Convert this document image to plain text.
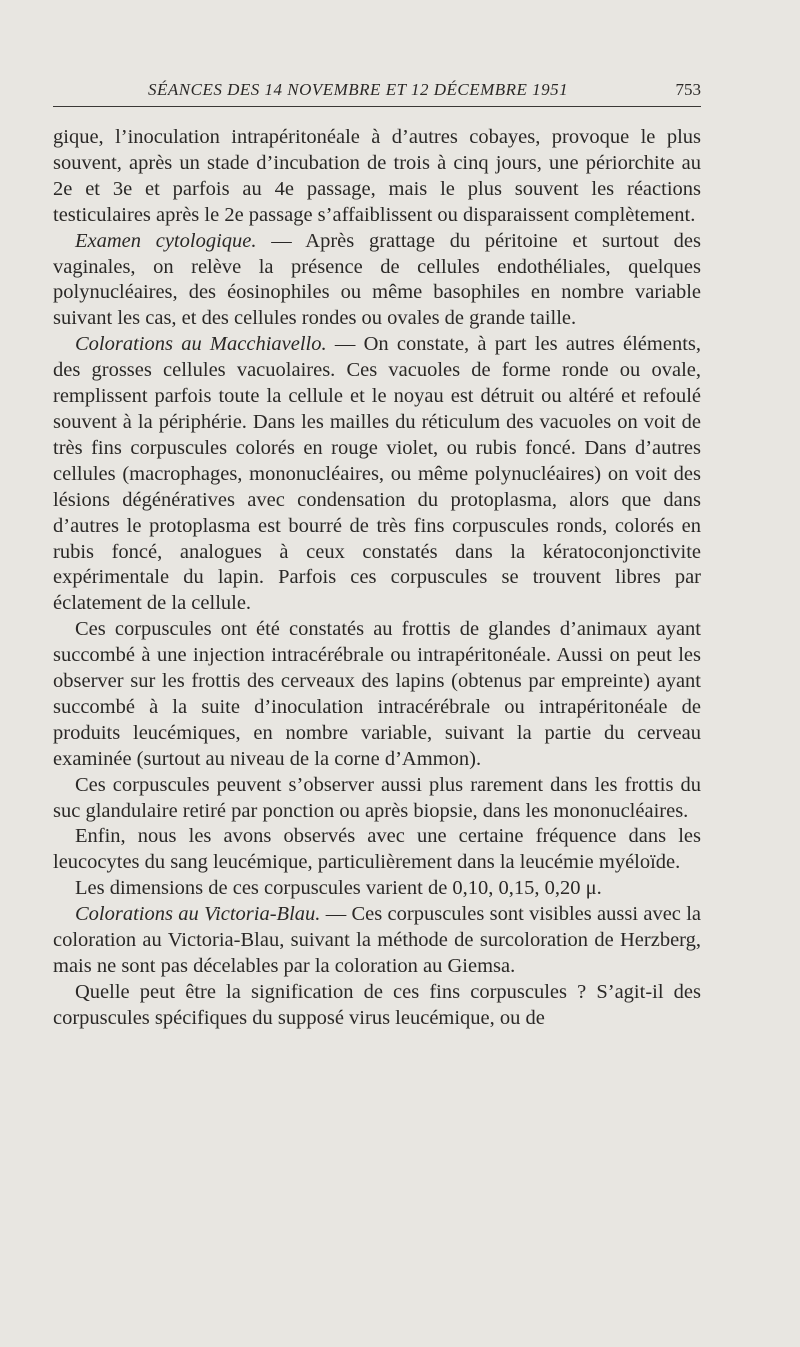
SÉANCES DES 14 NOVEMBRE ET 12 DÉCEMBRE 1951	753

gique, l’inoculation intrapéritonéale à d’autres cobayes, provoque le plus souvent, après un stade d’incubation de trois à cinq jours, une périorchite au 2e et 3e et parfois au 4e passage, mais le plus souvent les réactions testiculaires après le 2e passage s’affaiblissent ou disparaissent complètement.

Examen cytologique. — Après grattage du péritoine et surtout des vaginales, on relève la présence de cellules endothéliales, quelques polynucléaires, des éosinophiles ou même basophiles en nombre variable suivant les cas, et des cellules rondes ou ovales de grande taille.

Colorations au Macchiavello. — On constate, à part les autres éléments, des grosses cellules vacuolaires. Ces vacuoles de forme ronde ou ovale, remplissent parfois toute la cellule et le noyau est détruit ou altéré et refoulé souvent à la périphérie. Dans les mailles du réticulum des vacuoles on voit de très fins corpuscules colorés en rouge violet, ou rubis foncé. Dans d’autres cellules (macrophages, mononucléaires, ou même polynucléaires) on voit des lésions dégénératives avec condensation du protoplasma, alors que dans d’autres le protoplasma est bourré de très fins corpuscules ronds, colorés en rubis foncé, analogues à ceux constatés dans la kératoconjonctivite expérimentale du lapin. Parfois ces corpuscules se trouvent libres par éclatement de la cellule.

Ces corpuscules ont été constatés au frottis de glandes d’animaux ayant succombé à une injection intracérébrale ou intrapéritonéale. Aussi on peut les observer sur les frottis des cerveaux des lapins (obtenus par empreinte) ayant succombé à la suite d’inoculation intracérébrale ou intrapéritonéale de produits leucémiques, en nombre variable, suivant la partie du cerveau examinée (surtout au niveau de la corne d’Ammon).

Ces corpuscules peuvent s’observer aussi plus rarement dans les frottis du suc glandulaire retiré par ponction ou après biopsie, dans les mononucléaires.

Enfin, nous les avons observés avec une certaine fréquence dans les leucocytes du sang leucémique, particulièrement dans la leucémie myéloïde.

Les dimensions de ces corpuscules varient de 0,10, 0,15, 0,20 μ.

Colorations au Victoria-Blau. — Ces corpuscules sont visibles aussi avec la coloration au Victoria-Blau, suivant la méthode de surcoloration de Herzberg, mais ne sont pas décelables par la coloration au Giemsa.

Quelle peut être la signification de ces fins corpuscules ? S’agit-il des corpuscules spécifiques du supposé virus leucémique, ou de
